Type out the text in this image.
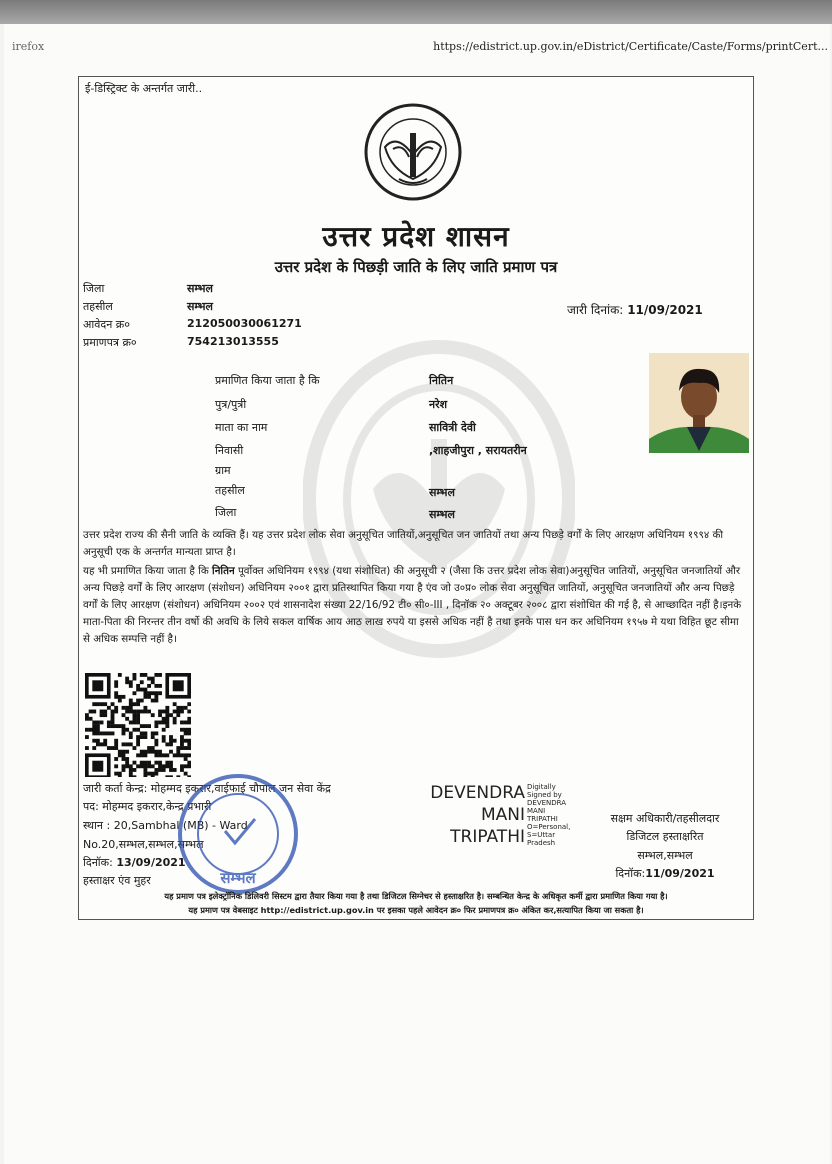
irefox	https://edistrict.up.gov.in/eDistrict/Certificate/Caste/Forms/printCert...
ई-डिस्ट्रिक्ट के अन्तर्गत जारी..
उत्तर प्रदेश शासन
उत्तर प्रदेश के पिछड़ी जाति के लिए जाति प्रमाण पत्र
जिला	सम्भल
तहसील	सम्भल
आवेदन क्र०	212050030061271
प्रमाणपत्र क्र०	754213013555
जारी दिनांक: 11/09/2021
प्रमाणित किया जाता है कि	नितिन
पुत्र/पुत्री	नरेश
माता का नाम	सावित्री देवी
निवासी	,शाहजीपुरा , सरायतरीन
ग्राम
तहसील	सम्भल
जिला	सम्भल
उत्तर प्रदेश राज्य की सैनी जाति के व्यक्ति हैं। यह उत्तर प्रदेश लोक सेवा अनुसूचित जातियों,अनुसूचित जन जातियों तथा अन्य पिछड़े वर्गों के लिए आरक्षण अधिनियम १९९४ की अनुसूची एक के अन्तर्गत मान्यता प्राप्त है।
यह भी प्रमाणित किया जाता है कि नितिन पूर्वोक्त अधिनियम १९९४ (यथा संशोधित) की अनुसूची २ (जैसा कि उत्तर प्रदेश लोक सेवा)अनुसूचित जातियों, अनुसूचित जनजातियों और अन्य पिछड़े वर्गों के लिए आरक्षण (संशोधन) अधिनियम २००१ द्वारा प्रतिस्थापित किया गया है एंव जो उ०प्र० लोक सेवा अनुसूचित जातियों, अनुसूचित जनजातियों और अन्य पिछड़े वर्गों के लिए आरक्षण (संशोधन) अधिनियम २००२ एवं शासनादेश संख्या 22/16/92 टी० सी०-III , दिनॉक २० अक्टूबर २००८ द्वारा संशोधित की गई है, से आच्छादित नहीं है।इनके माता-पिता की निरन्तर तीन वर्षो की अवधि के लिये सकल वार्षिक आय आठ लाख रुपये या इससे अधिक नहीं है तथा इनके पास धन कर अधिनियम १९५७ मे यथा विहित छूट सीमा से अधिक सम्पत्ति नहीं है।
जारी कर्ता केन्द्र: मोहम्मद इकरार,वाईफाई चौपाल जन सेवा केंद्र
पद: मोहम्मद इकरार,केन्द्र प्रभारी
स्थान : 20,Sambhal (MB) - Ward
No.20,सम्भल,सम्भल,सम्भल
दिनॉक: 13/09/2021
हस्ताक्षर एंव मुहर	सम्भल
DEVENDRA
MANI
TRIPATHI
Digitally
Signed by
DEVENDRA
MANI
TRIPATHI
O=Personal,
S=Uttar
Pradesh
सक्षम अधिकारी/तहसीलदार
डिजिटल हस्ताक्षरित
सम्भल,सम्भल
दिनॉक:11/09/2021
यह प्रमाण पत्र इलेक्ट्रॉनिक डिलिवरी सिस्टम द्वारा तैयार किया गया है तथा डिजिटल सिग्नेचर से हस्ताक्षरित है। सम्बन्धित केन्द्र के अधिकृत कर्मी द्वारा प्रमाणित किया गया है।
यह प्रमाण पत्र वेबसाइट http://edistrict.up.gov.in पर इसका पहले आवेदन क्र० फिर प्रमाणपत्र क्र० अंकित कर,सत्यापित किया जा सकता है।
